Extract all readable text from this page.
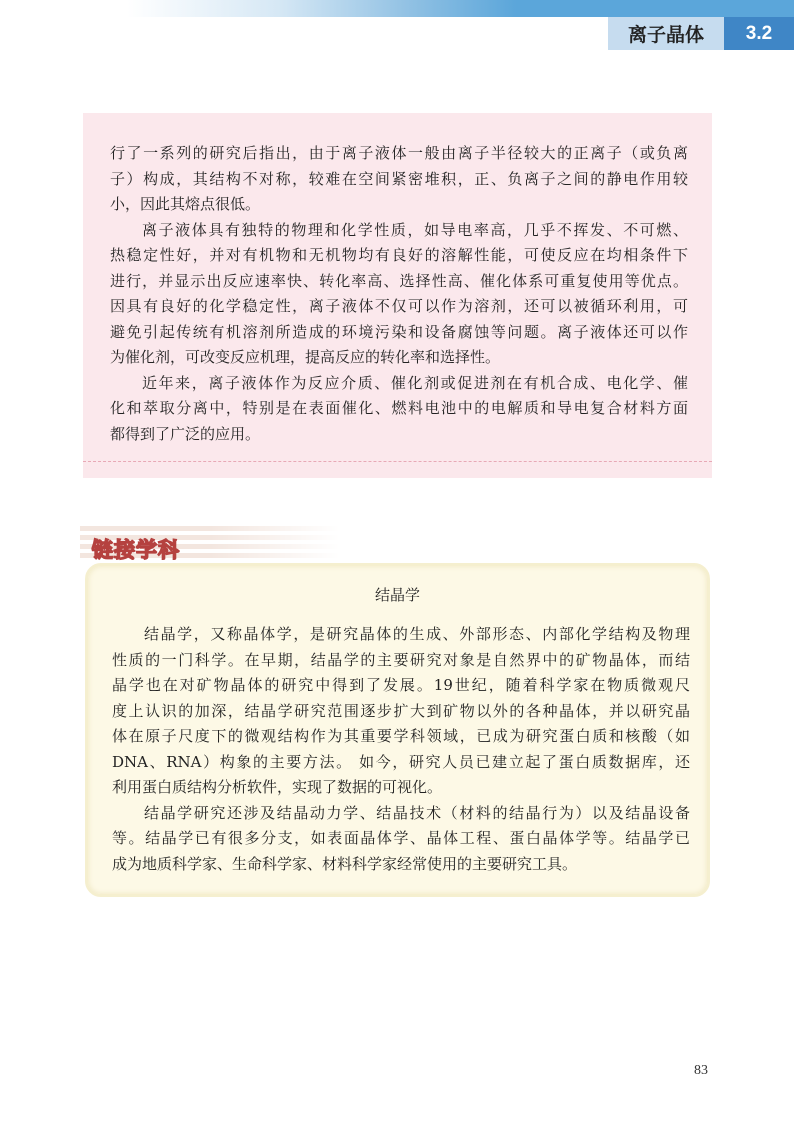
离子晶体	3.2
行了一系列的研究后指出，由于离子液体一般由离子半径较大的正离子（或负离
子）构成，其结构不对称，较难在空间紧密堆积，正、负离子之间的静电作用较
小，因此其熔点很低。
离子液体具有独特的物理和化学性质，如导电率高，几乎不挥发、不可燃、
热稳定性好，并对有机物和无机物均有良好的溶解性能，可使反应在均相条件下
进行，并显示出反应速率快、转化率高、选择性高、催化体系可重复使用等优点。
因具有良好的化学稳定性，离子液体不仅可以作为溶剂，还可以被循环利用，可
避免引起传统有机溶剂所造成的环境污染和设备腐蚀等问题。离子液体还可以作
为催化剂，可改变反应机理，提高反应的转化率和选择性。
近年来，离子液体作为反应介质、催化剂或促进剂在有机合成、电化学、催
化和萃取分离中，特别是在表面催化、燃料电池中的电解质和导电复合材料方面
都得到了广泛的应用。
链接学科
结晶学
结晶学，又称晶体学，是研究晶体的生成、外部形态、内部化学结构及物理
性质的一门科学。在早期，结晶学的主要研究对象是自然界中的矿物晶体，而结
晶学也在对矿物晶体的研究中得到了发展。19世纪，随着科学家在物质微观尺
度上认识的加深，结晶学研究范围逐步扩大到矿物以外的各种晶体，并以研究晶
体在原子尺度下的微观结构作为其重要学科领域，已成为研究蛋白质和核酸（如
DNA、RNA）构象的主要方法。 如今，研究人员已建立起了蛋白质数据库，还
利用蛋白质结构分析软件，实现了数据的可视化。
结晶学研究还涉及结晶动力学、结晶技术（材料的结晶行为）以及结晶设备
等。结晶学已有很多分支，如表面晶体学、晶体工程、蛋白晶体学等。结晶学已
成为地质科学家、生命科学家、材料科学家经常使用的主要研究工具。
83
